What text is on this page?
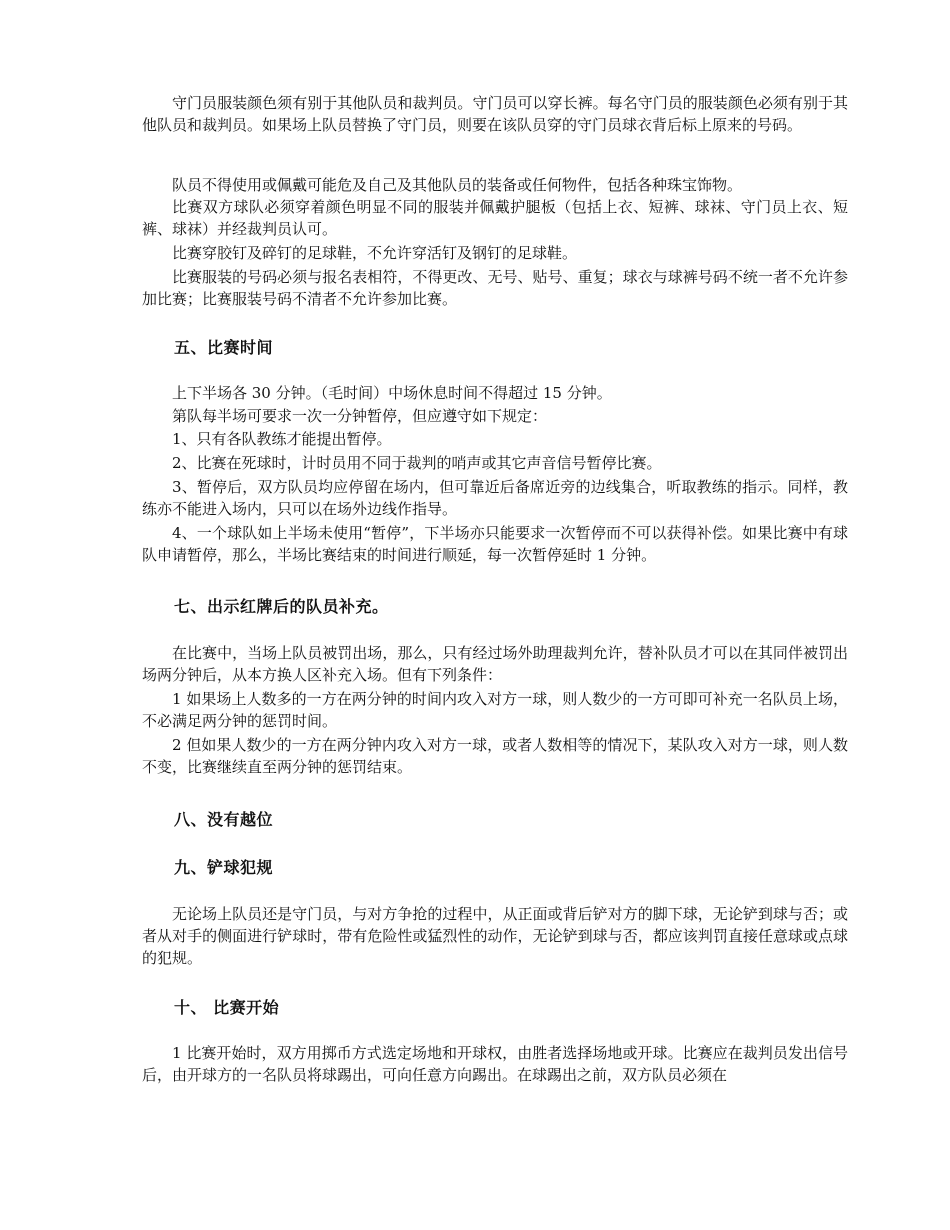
守门员服装颜色须有别于其他队员和裁判员。守门员可以穿长裤。每名守门员的服装颜色必须有别于其他队员和裁判员。如果场上队员替换了守门员，则要在该队员穿的守门员球衣背后标上原来的号码。

队员不得使用或佩戴可能危及自己及其他队员的装备或任何物件，包括各种珠宝饰物。

比赛双方球队必须穿着颜色明显不同的服装并佩戴护腿板（包括上衣、短裤、球袜、守门员上衣、短裤、球袜）并经裁判员认可。

比赛穿胶钉及碎钉的足球鞋，不允许穿活钉及钢钉的足球鞋。

比赛服装的号码必须与报名表相符，不得更改、无号、贴号、重复；球衣与球裤号码不统一者不允许参加比赛；比赛服装号码不清者不允许参加比赛。

五、比赛时间

上下半场各 30 分钟。（毛时间）中场休息时间不得超过 15 分钟。

第队每半场可要求一次一分钟暂停，但应遵守如下规定：

1、只有各队教练才能提出暂停。

2、比赛在死球时，计时员用不同于裁判的哨声或其它声音信号暂停比赛。

3、暂停后，双方队员均应停留在场内，但可靠近后备席近旁的边线集合，听取教练的指示。同样，教练亦不能进入场内，只可以在场外边线作指导。

4、一个球队如上半场未使用“暂停”，下半场亦只能要求一次暂停而不可以获得补偿。如果比赛中有球队申请暂停，那么，半场比赛结束的时间进行顺延，每一次暂停延时 1 分钟。

七、出示红牌后的队员补充。

在比赛中，当场上队员被罚出场，那么，只有经过场外助理裁判允许，替补队员才可以在其同伴被罚出场两分钟后，从本方换人区补充入场。但有下列条件：

1 如果场上人数多的一方在两分钟的时间内攻入对方一球，则人数少的一方可即可补充一名队员上场，不必满足两分钟的惩罚时间。

2 但如果人数少的一方在两分钟内攻入对方一球，或者人数相等的情况下，某队攻入对方一球，则人数不变，比赛继续直至两分钟的惩罚结束。

八、没有越位
九、铲球犯规

无论场上队员还是守门员，与对方争抢的过程中，从正面或背后铲对方的脚下球，无论铲到球与否；或者从对手的侧面进行铲球时，带有危险性或猛烈性的动作，无论铲到球与否，都应该判罚直接任意球或点球的犯规。

十、 比赛开始

1 比赛开始时，双方用掷币方式选定场地和开球权，由胜者选择场地或开球。比赛应在裁判员发出信号后，由开球方的一名队员将球踢出，可向任意方向踢出。在球踢出之前，双方队员必须在
